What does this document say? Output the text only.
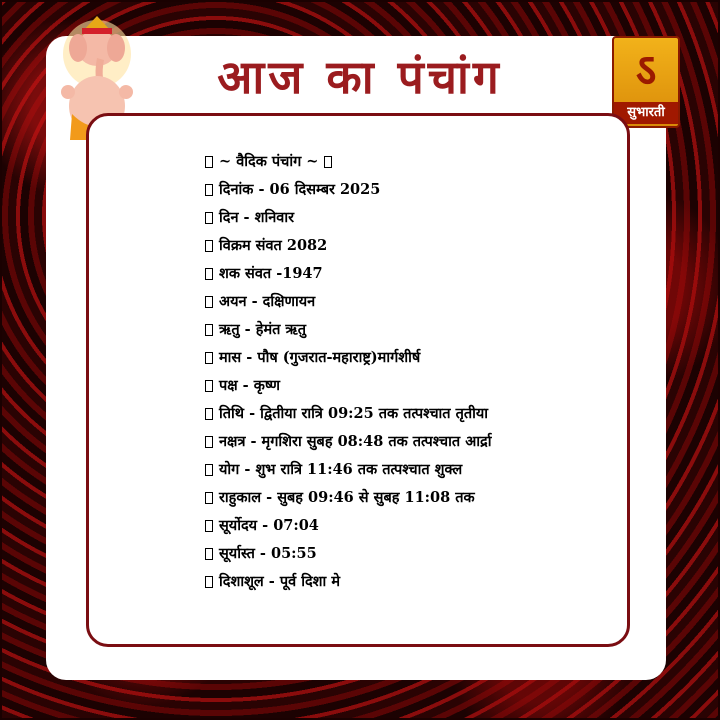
आज का पंचांग	ऽ
सुभारती
~ वैदिक पंचांग ~
दिनांक - 06 दिसम्बर 2025
दिन - शनिवार
विक्रम संवत 2082
शक संवत -1947
अयन - दक्षिणायन
ऋतु - हेमंत ऋतु
मास - पौष (गुजरात-महाराष्ट्र)मार्गशीर्ष
पक्ष - कृष्ण
तिथि - द्वितीया रात्रि 09:25 तक तत्पश्चात तृतीया
नक्षत्र - मृगशिरा सुबह 08:48 तक तत्पश्चात आर्द्रा
योग - शुभ रात्रि 11:46 तक तत्पश्चात शुक्ल
राहुकाल - सुबह 09:46 से सुबह 11:08 तक
सूर्योदय - 07:04
सूर्यास्त - 05:55
दिशाशूल - पूर्व दिशा मे
